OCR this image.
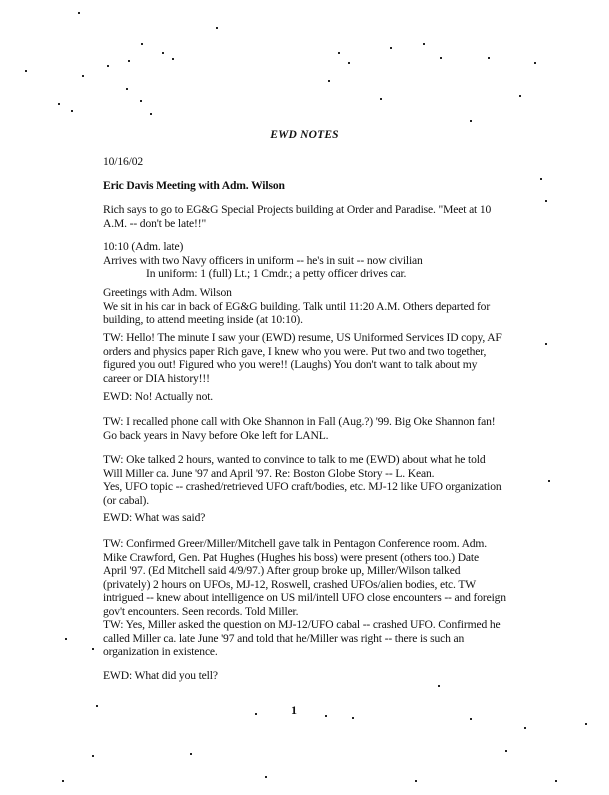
EWD NOTES
10/16/02
Eric Davis Meeting with Adm. Wilson
Rich says to go to EG&G Special Projects building at Order and Paradise. "Meet at 10
A.M. -- don't be late!!"
10:10 (Adm. late)
Arrives with two Navy officers in uniform -- he's in suit -- now civilian
In uniform: 1 (full) Lt.; 1 Cmdr.; a petty officer drives car.
Greetings with Adm. Wilson
We sit in his car in back of EG&G building. Talk until 11:20 A.M. Others departed for
building, to attend meeting inside (at 10:10).
TW: Hello! The minute I saw your (EWD) resume, US Uniformed Services ID copy, AF
orders and physics paper Rich gave, I knew who you were. Put two and two together,
figured you out! Figured who you were!! (Laughs) You don't want to talk about my
career or DIA history!!!
EWD: No! Actually not.
TW: I recalled phone call with Oke Shannon in Fall (Aug.?) '99. Big Oke Shannon fan!
Go back years in Navy before Oke left for LANL.
TW: Oke talked 2 hours, wanted to convince to talk to me (EWD) about what he told
Will Miller ca. June '97 and April '97. Re: Boston Globe Story -- L. Kean.
Yes, UFO topic -- crashed/retrieved UFO craft/bodies, etc. MJ-12 like UFO organization
(or cabal).
EWD: What was said?
TW: Confirmed Greer/Miller/Mitchell gave talk in Pentagon Conference room. Adm.
Mike Crawford, Gen. Pat Hughes (Hughes his boss) were present (others too.) Date
April '97. (Ed Mitchell said 4/9/97.) After group broke up, Miller/Wilson talked
(privately) 2 hours on UFOs, MJ-12, Roswell, crashed UFOs/alien bodies, etc. TW
intrigued -- knew about intelligence on US mil/intell UFO close encounters -- and foreign
gov't encounters. Seen records. Told Miller.
TW: Yes, Miller asked the question on MJ-12/UFO cabal -- crashed UFO. Confirmed he
called Miller ca. late June '97 and told that he/Miller was right -- there is such an
organization in existence.
EWD: What did you tell?
1
